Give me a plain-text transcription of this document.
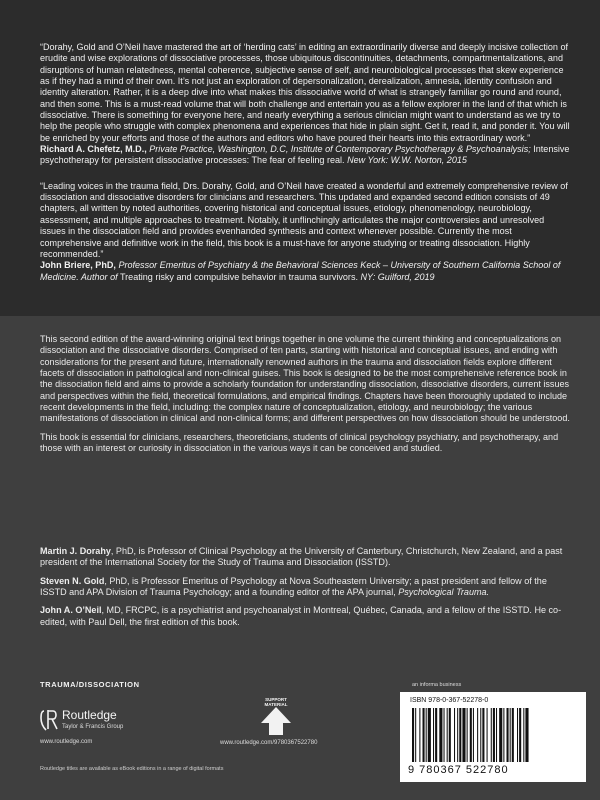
“Dorahy, Gold and O’Neil have mastered the art of ‘herding cats’ in editing an extraordinarily diverse and deeply incisive collection of erudite and wise explorations of dissociative processes, those ubiquitous discontinuities, detachments, compartmentalizations, and disruptions of human relatedness, mental coherence, subjective sense of self, and neurobiological processes that skew experience as if they had a mind of their own. It’s not just an exploration of depersonalization, derealization, amnesia, identity confusion and identity alteration. Rather, it is a deep dive into what makes this dissociative world of what is strangely familiar go round and round, and then some. This is a must-read volume that will both challenge and entertain you as a fellow explorer in the land of that which is dissociative. There is something for everyone here, and nearly everything a serious clinician might want to understand as we try to help the people who struggle with complex phenomena and experiences that hide in plain sight. Get it, read it, and ponder it. You will be enriched by your efforts and those of the authors and editors who have poured their hearts into this extraordinary work.”

Richard A. Chefetz, M.D., Private Practice, Washington, D.C, Institute of Contemporary Psychotherapy & Psychoanalysis; Intensive psychotherapy for persistent dissociative processes: The fear of feeling real. New York: W.W. Norton, 2015

“Leading voices in the trauma field, Drs. Dorahy, Gold, and O’Neil have created a wonderful and extremely comprehensive review of dissociation and dissociative disorders for clinicians and researchers. This updated and expanded second edition consists of 49 chapters, all written by noted authorities, covering historical and conceptual issues, etiology, phenomenology, neurobiology, assessment, and multiple approaches to treatment. Notably, it unflinchingly articulates the major controversies and unresolved issues in the dissociation field and provides evenhanded synthesis and context whenever possible. Currently the most comprehensive and definitive work in the field, this book is a must-have for anyone studying or treating dissociation. Highly recommended.”

John Briere, PhD, Professor Emeritus of Psychiatry & the Behavioral Sciences Keck – University of Southern California School of Medicine. Author of Treating risky and compulsive behavior in trauma survivors. NY: Guilford, 2019

This second edition of the award-winning original text brings together in one volume the current thinking and conceptualizations on dissociation and the dissociative disorders. Comprised of ten parts, starting with historical and conceptual issues, and ending with considerations for the present and future, internationally renowned authors in the trauma and dissociation fields explore different facets of dissociation in pathological and non-clinical guises. This book is designed to be the most comprehensive reference book in the dissociation field and aims to provide a scholarly foundation for understanding dissociation, dissociative disorders, current issues and perspectives within the field, theoretical formulations, and empirical findings. Chapters have been thoroughly updated to include recent developments in the field, including: the complex nature of conceptualization, etiology, and neurobiology; the various manifestations of dissociation in clinical and non-clinical forms; and different perspectives on how dissociation should be understood.

This book is essential for clinicians, researchers, theoreticians, students of clinical psychology psychiatry, and psychotherapy, and those with an interest or curiosity in dissociation in the various ways it can be conceived and studied.

Martin J. Dorahy, PhD, is Professor of Clinical Psychology at the University of Canterbury, Christchurch, New Zealand, and a past president of the International Society for the Study of Trauma and Dissociation (ISSTD).

Steven N. Gold, PhD, is Professor Emeritus of Psychology at Nova Southeastern University; a past president and fellow of the ISSTD and APA Division of Trauma Psychology; and a founding editor of the APA journal, Psychological Trauma.

John A. O’Neil, MD, FRCPC, is a psychiatrist and psychoanalyst in Montreal, Québec, Canada, and a fellow of the ISSTD. He co-edited, with Paul Dell, the first edition of this book.

TRAUMA/DISSOCIATION
Routledge
Taylor & Francis Group
www.routledge.com
SUPPORT MATERIAL
www.routledge.com/9780367522780
an informa business
ISBN 978-0-367-52278-0
9 780367 522780
Routledge titles are available as eBook editions in a range of digital formats
